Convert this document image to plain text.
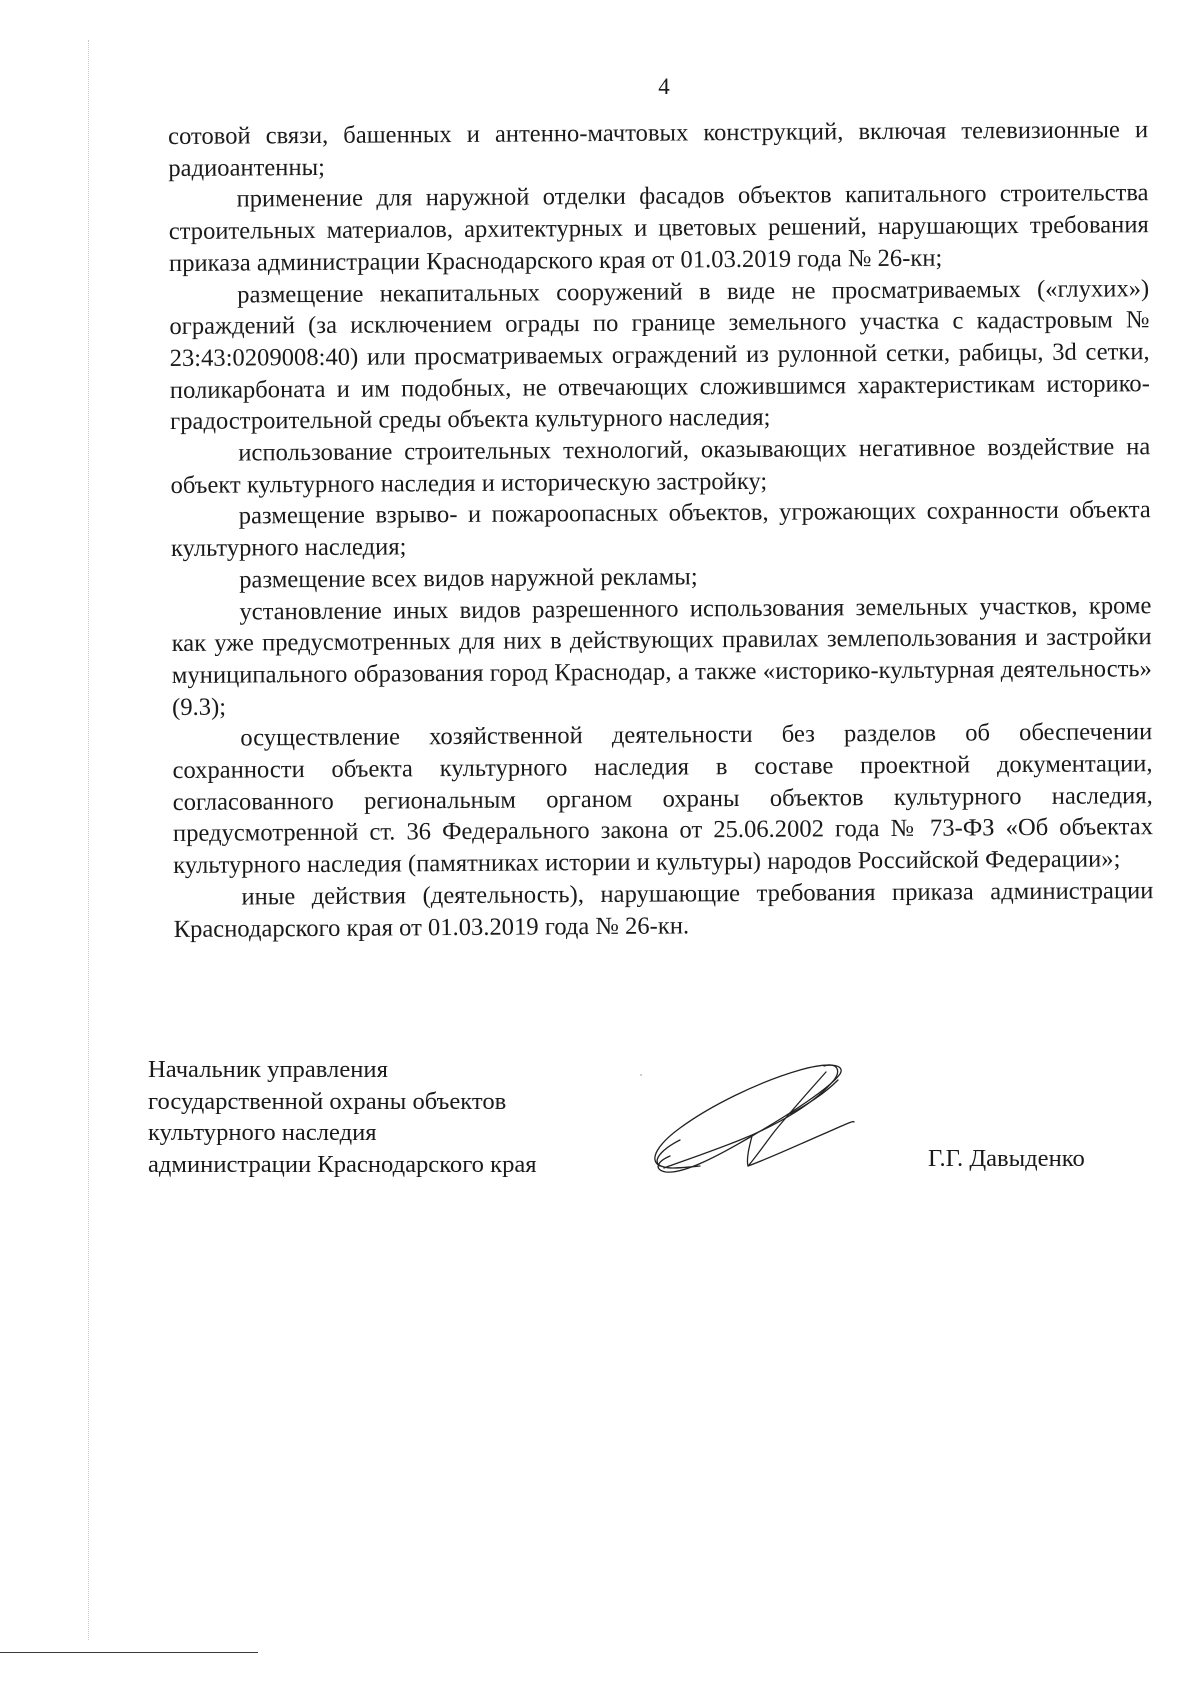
4

сотовой связи, башенных и антенно-мачтовых конструкций, включая телевизионные и радиоантенны;

применение для наружной отделки фасадов объектов капитального строительства строительных материалов, архитектурных и цветовых решений, нарушающих требования приказа администрации Краснодарского края от 01.03.2019 года № 26-кн;

размещение некапитальных сооружений в виде не просматриваемых («глухих») ограждений (за исключением ограды по границе земельного участка с кадастровым № 23:43:0209008:40) или просматриваемых ограждений из рулонной сетки, рабицы, 3d сетки, поликарбоната и им подобных, не отвечающих сложившимся характеристикам историко-градостроительной среды объекта культурного наследия;

использование строительных технологий, оказывающих негативное воздействие на объект культурного наследия и историческую застройку;

размещение взрыво- и пожароопасных объектов, угрожающих сохранности объекта культурного наследия;

размещение всех видов наружной рекламы;

установление иных видов разрешенного использования земельных участков, кроме как уже предусмотренных для них в действующих правилах землепользования и застройки муниципального образования город Краснодар, а также «историко-культурная деятельность» (9.3);

осуществление хозяйственной деятельности без разделов об обеспечении сохранности объекта культурного наследия в составе проектной документации, согласованного региональным органом охраны объектов культурного наследия, предусмотренной ст. 36 Федерального закона от 25.06.2002 года № 73-ФЗ «Об объектах культурного наследия (памятниках истории и культуры) народов Российской Федерации»;

иные действия (деятельность), нарушающие требования приказа администрации Краснодарского края от 01.03.2019 года № 26-кн.

Начальник управления
государственной охраны объектов
культурного наследия
администрации Краснодарского края	Г.Г. Давыденко
